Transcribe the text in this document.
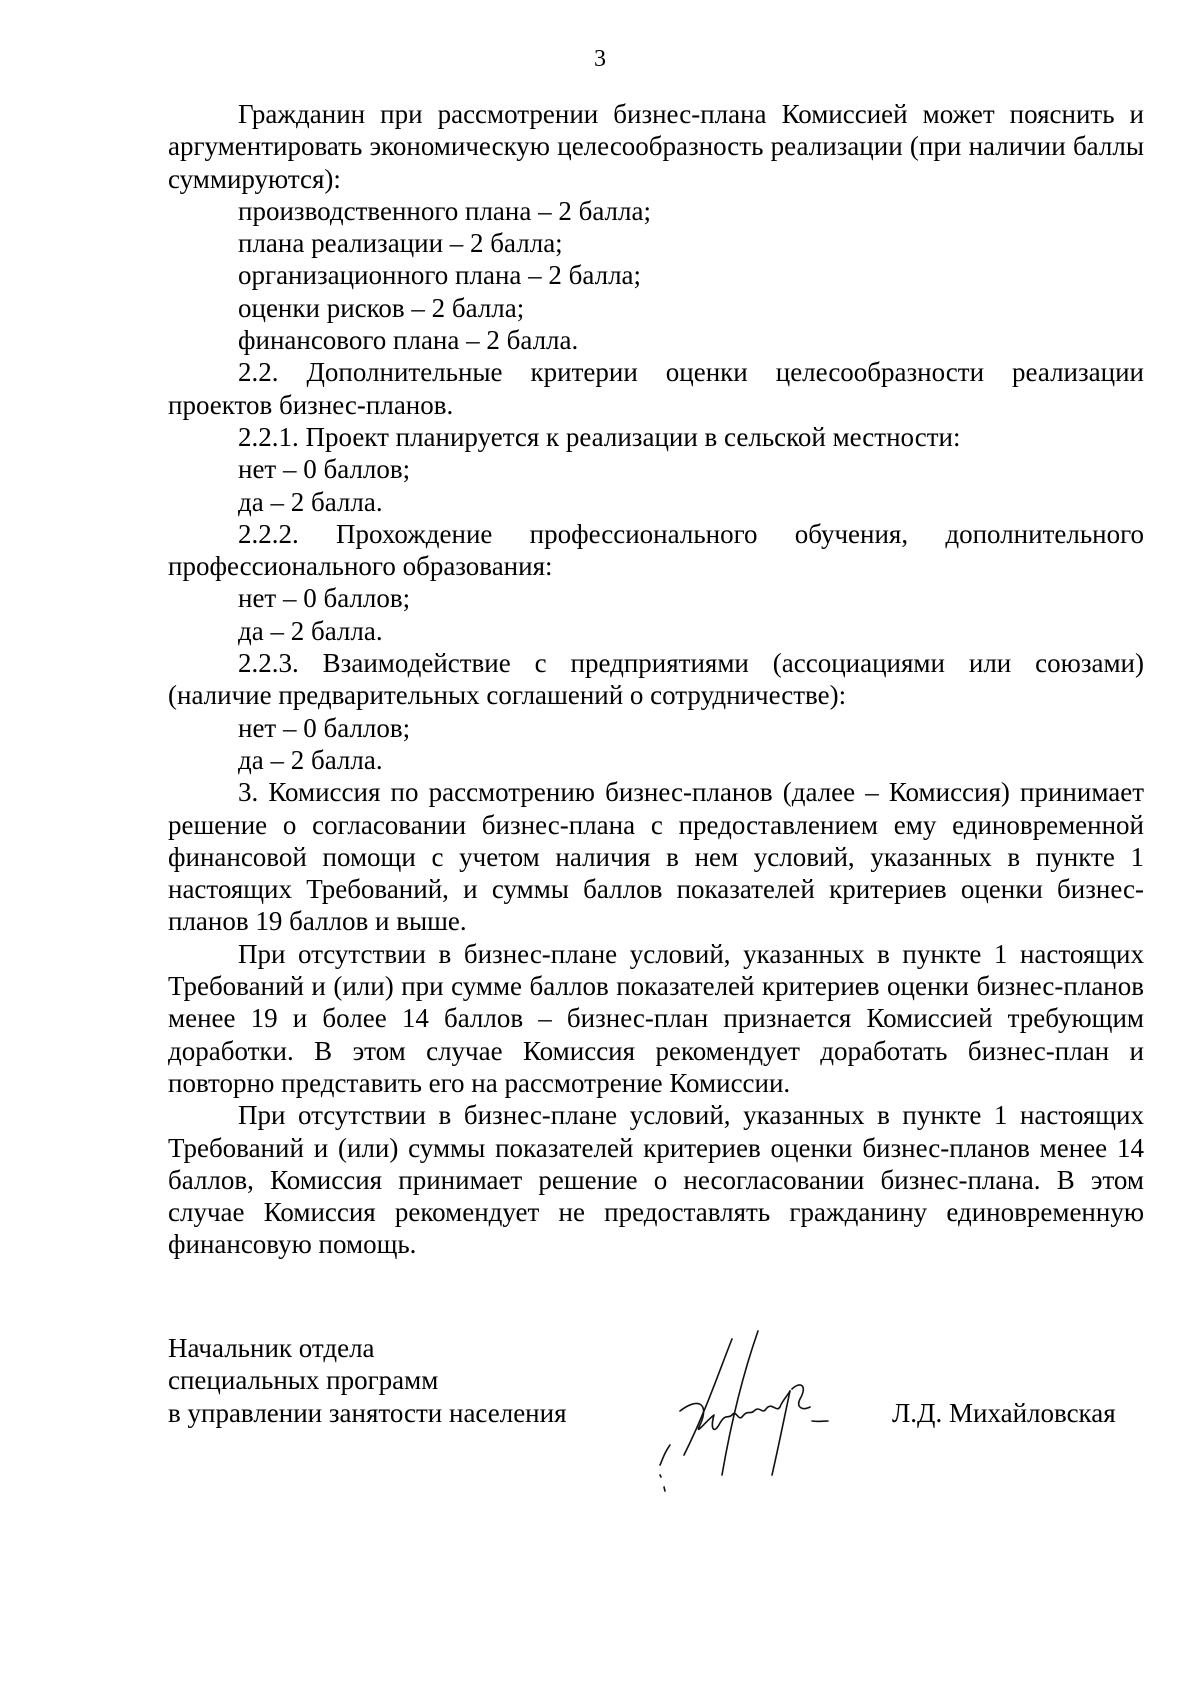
3

Гражданин при рассмотрении бизнес-плана Комиссией может пояснить и аргументировать экономическую целесообразность реализации (при наличии баллы суммируются):

производственного плана – 2 балла;

плана реализации – 2 балла;

организационного плана – 2 балла;

оценки рисков – 2 балла;

финансового плана – 2 балла.

2.2. Дополнительные критерии оценки целесообразности реализации проектов бизнес-планов.

2.2.1. Проект планируется к реализации в сельской местности:

нет – 0 баллов;

да – 2 балла.

2.2.2. Прохождение профессионального обучения, дополнительного профессионального образования:

нет – 0 баллов;

да – 2 балла.

2.2.3. Взаимодействие с предприятиями (ассоциациями или союзами) (наличие предварительных соглашений о сотрудничестве):

нет – 0 баллов;

да – 2 балла.

3. Комиссия по рассмотрению бизнес-планов (далее – Комиссия) принимает решение о согласовании бизнес-плана с предоставлением ему единовременной финансовой помощи с учетом наличия в нем условий, указанных в пункте 1 настоящих Требований, и суммы баллов показателей критериев оценки бизнес-планов 19 баллов и выше.

При отсутствии в бизнес-плане условий, указанных в пункте 1 настоящих Требований и (или) при сумме баллов показателей критериев оценки бизнес-планов менее 19 и более 14 баллов – бизнес-план признается Комиссией требующим доработки. В этом случае Комиссия рекомендует доработать бизнес-план и повторно представить его на рассмотрение Комиссии.

При отсутствии в бизнес-плане условий, указанных в пункте 1 настоящих Требований и (или) суммы показателей критериев оценки бизнес-планов менее 14 баллов, Комиссия принимает решение о несогласовании бизнес-плана. В этом случае Комиссия рекомендует не предоставлять гражданину единовременную финансовую помощь.

Начальник отдела

специальных программ

в управлении занятости населения	Л.Д. Михайловская
